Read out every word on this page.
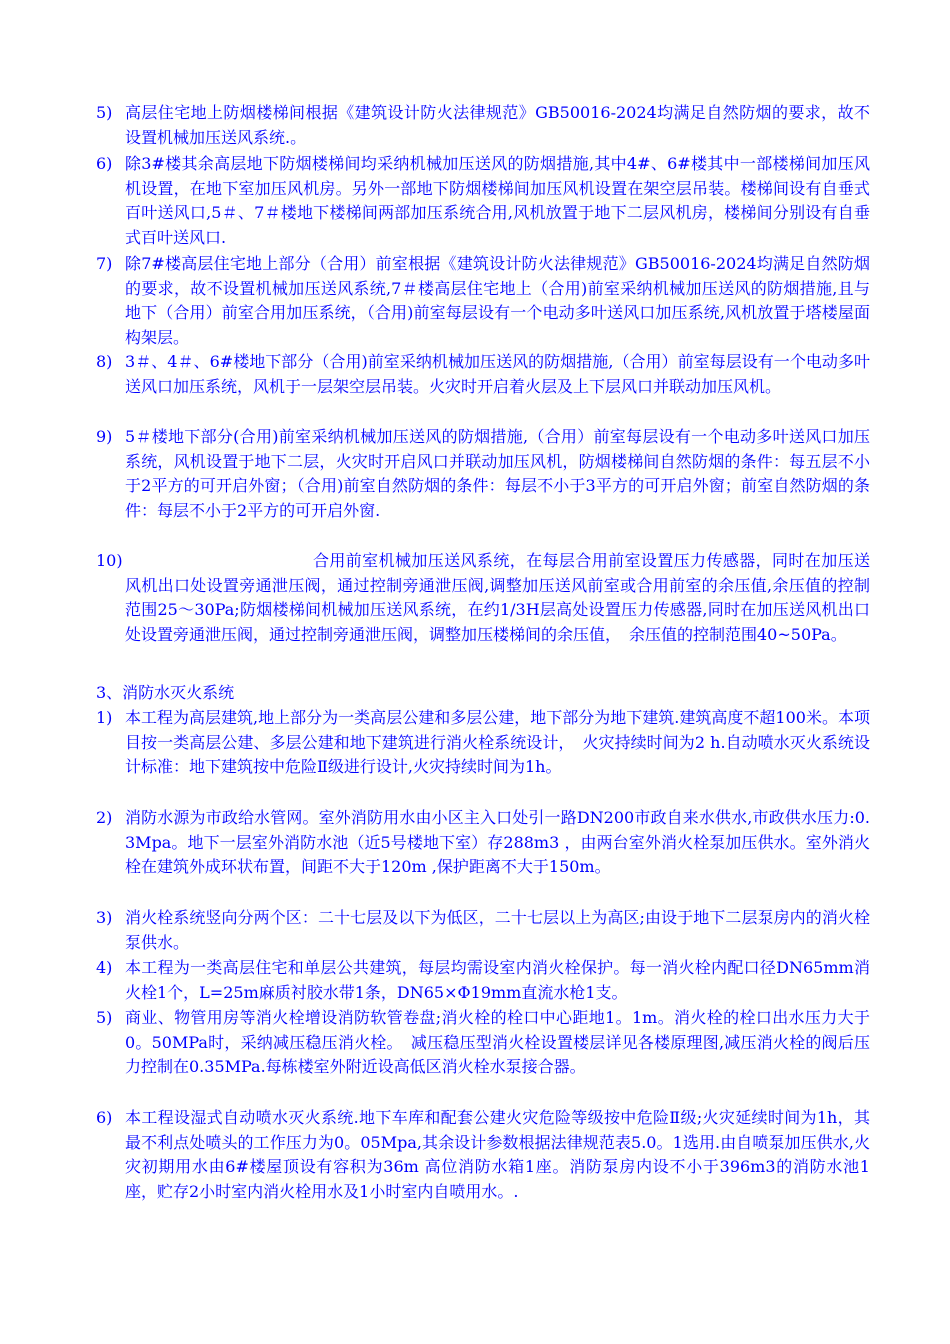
5) 高层住宅地上防烟楼梯间根据《建筑设计防火法律规范》GB50016-2024均满足自然防烟的要求，故不设置机械加压送风系统.。
6) 除3#楼其余高层地下防烟楼梯间均采纳机械加压送风的防烟措施,其中4#、6#楼其中一部楼梯间加压风机设置，在地下室加压风机房。另外一部地下防烟楼梯间加压风机设置在架空层吊装。楼梯间设有自垂式百叶送风口,5＃、7＃楼地下楼梯间两部加压系统合用,风机放置于地下二层风机房，楼梯间分别设有自垂式百叶送风口.
7) 除7#楼高层住宅地上部分（合用）前室根据《建筑设计防火法律规范》GB50016-2024均满足自然防烟的要求，故不设置机械加压送风系统,7＃楼高层住宅地上（合用)前室采纳机械加压送风的防烟措施,且与地下（合用）前室合用加压系统，（合用)前室每层设有一个电动多叶送风口加压系统,风机放置于塔楼屋面构架层。
8) 3＃、4＃、6#楼地下部分（合用)前室采纳机械加压送风的防烟措施,（合用）前室每层设有一个电动多叶送风口加压系统，风机于一层架空层吊装。火灾时开启着火层及上下层风口并联动加压风机。
9) 5＃楼地下部分(合用)前室采纳机械加压送风的防烟措施,（合用）前室每层设有一个电动多叶送风口加压系统，风机设置于地下二层，火灾时开启风口并联动加压风机，防烟楼梯间自然防烟的条件：每五层不小于2平方的可开启外窗；（合用)前室自然防烟的条件：每层不小于3平方的可开启外窗；前室自然防烟的条件：每层不小于2平方的可开启外窗.
10)	合用前室机械加压送风系统，在每层合用前室设置压力传感器，同时在加压送风机出口处设置旁通泄压阀，通过控制旁通泄压阀,调整加压送风前室或合用前室的余压值,余压值的控制范围25～30Pa;防烟楼梯间机械加压送风系统，在约1/3H层高处设置压力传感器,同时在加压送风机出口处设置旁通泄压阀，通过控制旁通泄压阀，调整加压楼梯间的余压值，　余压值的控制范围40~50Pa。
3、消防水灭火系统
1) 本工程为高层建筑,地上部分为一类高层公建和多层公建，地下部分为地下建筑.建筑高度不超100米。本项目按一类高层公建、多层公建和地下建筑进行消火栓系统设计，　火灾持续时间为2 h.自动喷水灭火系统设计标准：地下建筑按中危险Ⅱ级进行设计,火灾持续时间为1h。
2) 消防水源为市政给水管网。室外消防用水由小区主入口处引一路DN200市政自来水供水,市政供水压力:0.3Mpa。地下一层室外消防水池（近5号楼地下室）存288m3 ，由两台室外消火栓泵加压供水。室外消火栓在建筑外成环状布置，间距不大于120m ,保护距离不大于150m。
3) 消火栓系统竖向分两个区：二十七层及以下为低区，二十七层以上为高区;由设于地下二层泵房内的消火栓泵供水。
4) 本工程为一类高层住宅和单层公共建筑，每层均需设室内消火栓保护。每一消火栓内配口径DN65mm消火栓1个，L=25m麻质衬胶水带1条，DN65×Φ19mm直流水枪1支。
5) 商业、物管用房等消火栓增设消防软管卷盘;消火栓的栓口中心距地1。1m。消火栓的栓口出水压力大于0。50MPa时，采纳减压稳压消火栓。　减压稳压型消火栓设置楼层详见各楼原理图,减压消火栓的阀后压力控制在0.35MPa.每栋楼室外附近设高低区消火栓水泵接合器。
6) 本工程设湿式自动喷水灭火系统.地下车库和配套公建火灾危险等级按中危险Ⅱ级;火灾延续时间为1h，其最不利点处喷头的工作压力为0。05Mpa,其余设计参数根据法律规范表5.0。1选用.由自喷泵加压供水,火灾初期用水由6#楼屋顶设有容积为36m 高位消防水箱1座。消防泵房内设不小于396m3的消防水池1座，贮存2小时室内消火栓用水及1小时室内自喷用水。.
